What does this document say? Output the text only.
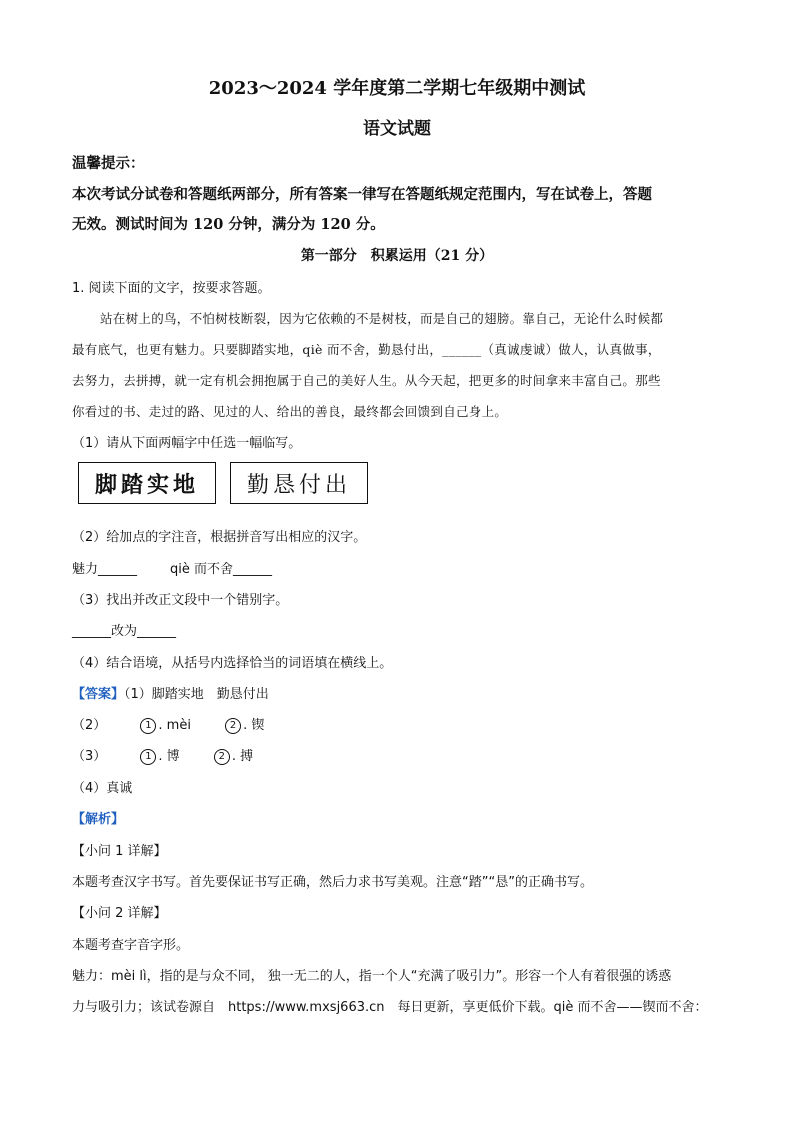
2023～2024 学年度第二学期七年级期中测试
语文试题
温馨提示：
本次考试分试卷和答题纸两部分，所有答案一律写在答题纸规定范围内，写在试卷上，答题
无效。测试时间为 120 分钟，满分为 120 分。
第一部分　积累运用（21 分）
1. 阅读下面的文字，按要求答题。
站在树上的鸟，不怕树枝断裂，因为它依赖的不是树枝，而是自己的翅膀。靠自己，无论什么时候都
最有底气，也更有魅力。只要脚踏实地，qiè 而不舍，勤恳付出，______（真诚虔诚）做人，认真做事，
去努力，去拼搏，就一定有机会拥抱属于自己的美好人生。从今天起，把更多的时间拿来丰富自己。那些
你看过的书、走过的路、见过的人、给出的善良，最终都会回馈到自己身上。
（1）请从下面两幅字中任选一幅临写。
脚踏实地 勤恳付出
（2）给加点的字注音，根据拼音写出相应的汉字。
魅力______	qiè 而不舍______
（3）找出并改正文段中一个错别字。
______改为______
（4）结合语境，从括号内选择恰当的词语填在横线上。
【答案】（1）脚踏实地　勤恳付出
（2）	1 . mèi	2 . 锲
（3）	1 . 博	2 . 搏
（4）真诚
【解析】
【小问 1 详解】
本题考查汉字书写。首先要保证书写正确，然后力求书写美观。注意“踏”“恳”的正确书写。
【小问 2 详解】
本题考查字音字形。
魅力：mèi lì，指的是与众不同， 独一无二的人，指一个人“充满了吸引力”。形容一个人有着很强的诱惑
力与吸引力；该试卷源自　https://www.mxsj663.cn　每日更新，享更低价下载。qiè 而不舍——锲而不舍：
